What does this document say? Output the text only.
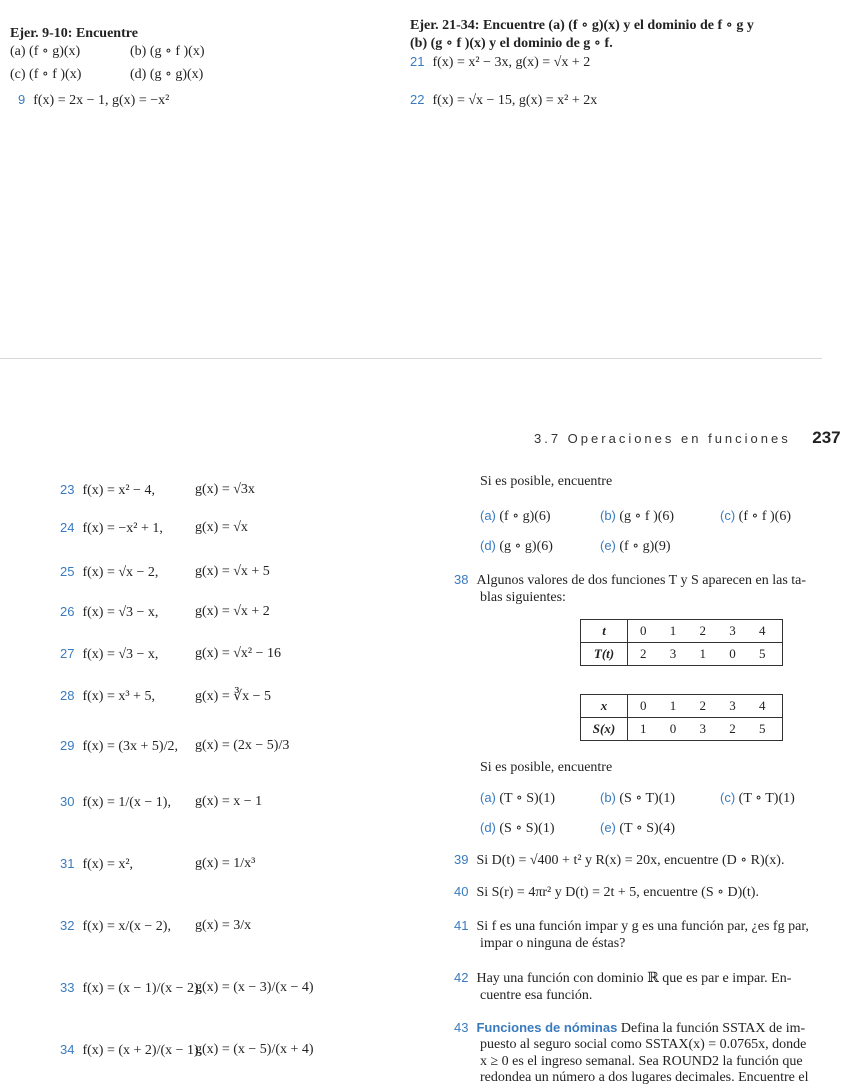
Ejer. 9-10: Encuentre
(a) (f ∘ g)(x)	(b) (g ∘ f )(x)
(c) (f ∘ f )(x)	(d) (g ∘ g)(x)
9 f(x) = 2x − 1, g(x) = −x²
Ejer. 21-34: Encuentre (a) (f ∘ g)(x) y el dominio de f ∘ g y
(b) (g ∘ f )(x) y el dominio de g ∘ f.
21 f(x) = x² − 3x, g(x) = √x + 2
22 f(x) = √x − 15, g(x) = x² + 2x
3.7 Operaciones en funciones 237
23 f(x) = x² − 4,	g(x) = √3x
24 f(x) = −x² + 1, g(x) = √x
25 f(x) = √x − 2,	g(x) = √x + 5
26 f(x) = √3 − x,	g(x) = √x + 2
27 f(x) = √3 − x,	g(x) = √x² − 16
28 f(x) = x³ + 5,	g(x) = ∛x − 5
29 f(x) = (3x + 5)/2, g(x) = (2x − 5)/3
30 f(x) = 1/(x − 1), g(x) = x − 1
31 f(x) = x²,	g(x) = 1/x³
32 f(x) = x/(x − 2), g(x) = 3/x
33 f(x) = (x − 1)/(x − 2),
g(x) = (x − 3)/(x − 4)
34 f(x) = (x + 2)/(x − 1),
g(x) = (x − 5)/(x + 4)
Si es posible, encuentre
(a) (f ∘ g)(6)	(b) (g ∘ f )(6)	(c) (f ∘ f )(6)
(d) (g ∘ g)(6)	(e) (f ∘ g)(9)
38 Algunos valores de dos funciones T y S aparecen en las ta-
blas siguientes:
t	0 1 2 3 4
T(t)	2 3 1 0 5
x	0 1 2 3 4
S(x)	1 0 3 2 5
Si es posible, encuentre
(a) (T ∘ S)(1)	(b) (S ∘ T)(1)	(c) (T ∘ T)(1)
(d) (S ∘ S)(1)	(e) (T ∘ S)(4)
39 Si D(t) = √400 + t² y R(x) = 20x, encuentre (D ∘ R)(x).
40 Si S(r) = 4πr² y D(t) = 2t + 5, encuentre (S ∘ D)(t).
41 Si f es una función impar y g es una función par, ¿es fg par,
impar o ninguna de éstas?
42 Hay una función con dominio ℝ que es par e impar. En-
cuentre esa función.
43 Funciones de nóminas Defina la función SSTAX de im-
puesto al seguro social como SSTAX(x) = 0.0765x, donde
x ≥ 0 es el ingreso semanal. Sea ROUND2 la función que
redondea un número a dos lugares decimales. Encuentre el
